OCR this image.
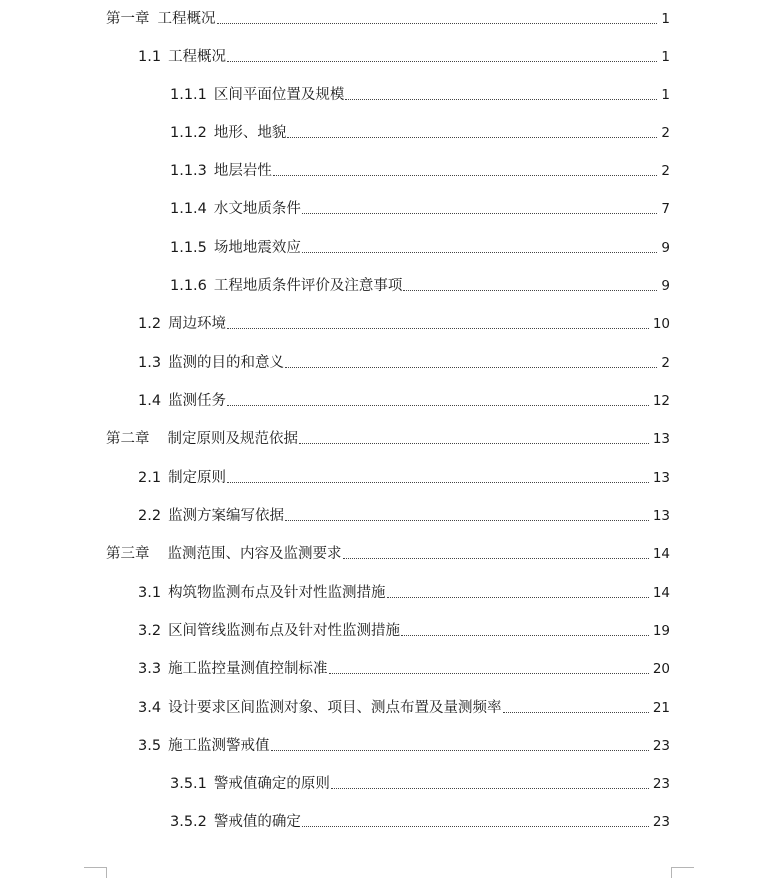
第一章 工程概况	1
1.1 工程概况	1
1.1.1 区间平面位置及规模	1
1.1.2 地形、地貌	2
1.1.3 地层岩性	2
1.1.4 水文地质条件	7
1.1.5 场地地震效应	9
1.1.6 工程地质条件评价及注意事项	9
1.2 周边环境	10
1.3 监测的目的和意义	2
1.4 监测任务	12
第二章 制定原则及规范依据	13
2.1 制定原则	13
2.2 监测方案编写依据	13
第三章 监测范围、内容及监测要求	14
3.1 构筑物监测布点及针对性监测措施	14
3.2 区间管线监测布点及针对性监测措施	19
3.3 施工监控量测值控制标准	20
3.4 设计要求区间监测对象、项目、测点布置及量测频率	21
3.5 施工监测警戒值	23
3.5.1 警戒值确定的原则	23
3.5.2 警戒值的确定	23
